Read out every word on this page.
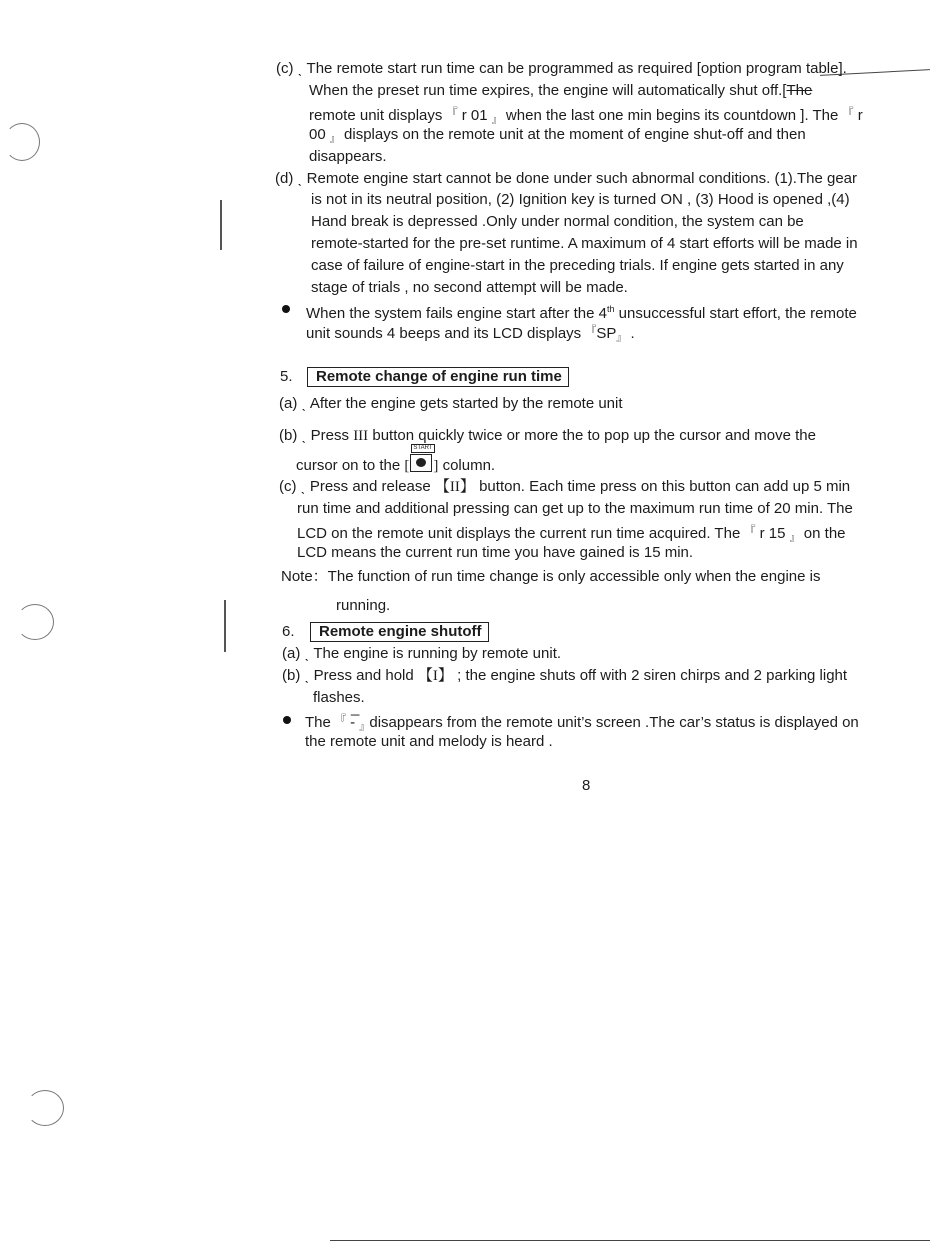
(c) ˎ The remote start run time can be programmed as required [option program table].
When the preset run time expires, the engine will automatically shut off.[The
remote unit displays 『 r 01 $_』$ when the last one min begins its countdown ]. The 『 r
00 $_』$ displays on the remote unit at the moment of engine shut-off and then
disappears.
(d) ˎ Remote engine start cannot be done under such abnormal conditions. (1).The gear
is not in its neutral position, (2) Ignition key is turned ON , (3) Hood is opened ,(4)
Hand break is depressed .Only under normal condition, the system can be
remote-started for the pre-set runtime. A maximum of 4 start efforts will be made in
case of failure of engine-start in the preceding trials. If engine gets started in any
stage of trials , no second attempt will be made.
When the system fails engine start after the 4th unsuccessful start effort, the remote
unit sounds 4 beeps and its LCD displays $^『SP_』$ .
5.	Remote change of engine run time
(a) ˎ After the engine gets started by the remote unit
(b) ˎ Press III button quickly twice or more the to pop up the cursor and move the
cursor on to the [
START
] column.
(c) ˎ Press and release 【II】 button. Each time press on this button can add up 5 min
run time and additional pressing can get up to the maximum run time of 20 min. The
LCD on the remote unit displays the current run time acquired. The 『 r 15 $_』$ on the
LCD means the current run time you have gained is 15 min.
Note：The function of run time change is only accessible only when the engine is
running.
6.	Remote engine shutoff
(a) ˎ The engine is running by remote unit.
(b) ˎ Press and hold 【I】 ; the engine shuts off with 2 siren chirps and 2 parking light
flashes.
The 『 -̅ $_』$disappears from the remote unit’s screen .The car’s status is displayed on
the remote unit and melody is heard .
8
